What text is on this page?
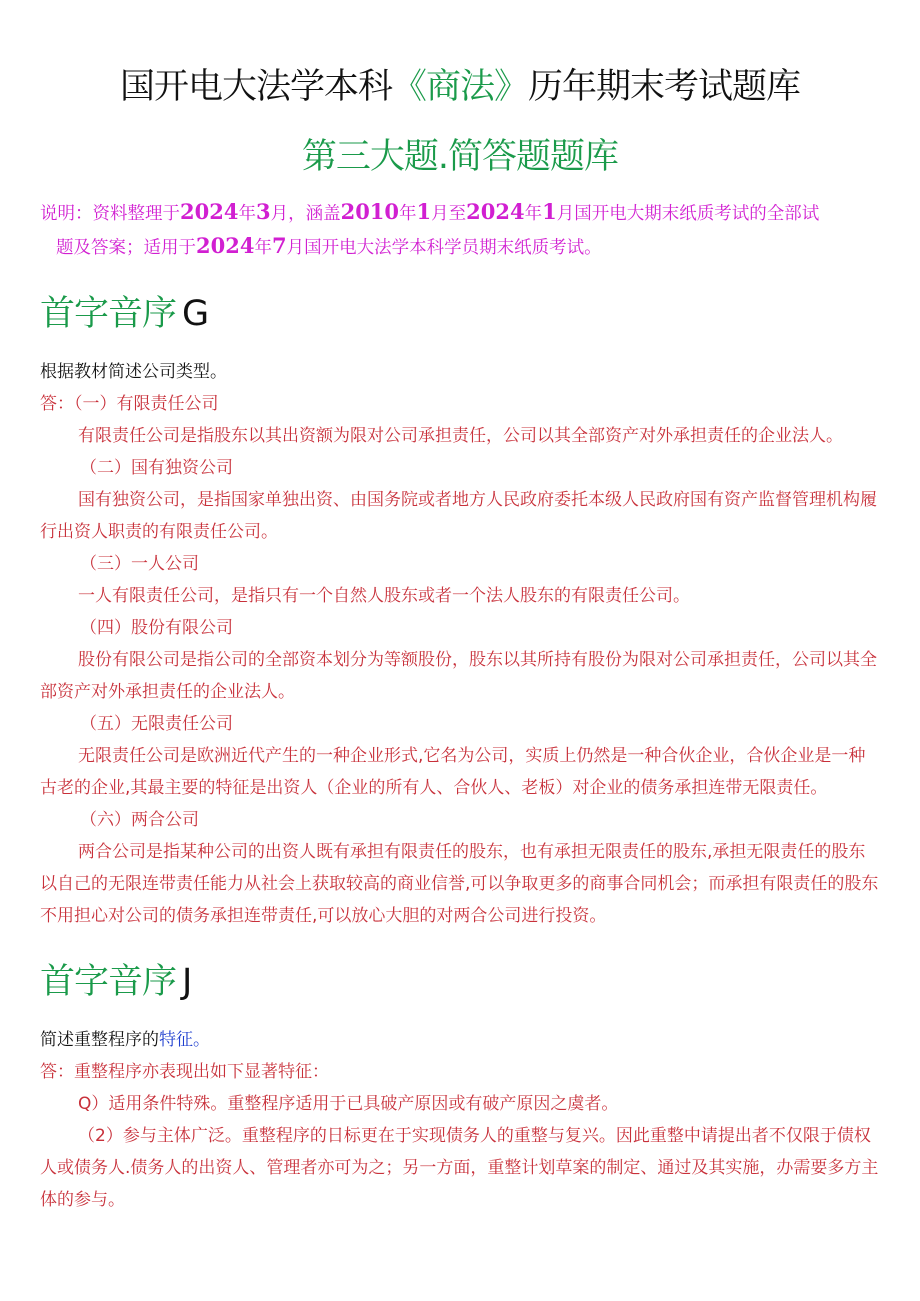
国开电大法学本科《商法》历年期末考试题库
第三大题.简答题题库

说明：资料整理于2024年3月，涵盖2010年1月至2024年1月国开电大期末纸质考试的全部试
题及答案；适用于2024年7月国开电大法学本科学员期末纸质考试。

首字音序 G

根据教材简述公司类型。

答：（一）有限责任公司

有限责任公司是指股东以其出资额为限对公司承担责任，公司以其全部资产对外承担责任的企业法人。

（二）国有独资公司

国有独资公司，是指国家单独出资、由国务院或者地方人民政府委托本级人民政府国有资产监督管理机构履行出资人职责的有限责任公司。

（三）一人公司

一人有限责任公司，是指只有一个自然人股东或者一个法人股东的有限责任公司。

（四）股份有限公司

股份有限公司是指公司的全部资本划分为等额股份，股东以其所持有股份为限对公司承担责任，公司以其全部资产对外承担责任的企业法人。

（五）无限责任公司

无限责任公司是欧洲近代产生的一种企业形式,它名为公司，实质上仍然是一种合伙企业，合伙企业是一种古老的企业,其最主要的特征是出资人（企业的所有人、合伙人、老板）对企业的债务承担连带无限责任。

（六）两合公司

两合公司是指某种公司的出资人既有承担有限责任的股东，也有承担无限责任的股东,承担无限责任的股东以自己的无限连带责任能力从社会上获取较高的商业信誉,可以争取更多的商事合同机会；而承担有限责任的股东不用担心对公司的债务承担连带责任,可以放心大胆的对两合公司进行投资。

首字音序 J

简述重整程序的特征。

答：重整程序亦表现出如下显著特征：

Q）适用条件特殊。重整程序适用于已具破产原因或有破产原因之虞者。

（2）参与主体广泛。重整程序的日标更在于实现债务人的重整与复兴。因此重整中请提出者不仅限于债权人或债务人.债务人的出资人、管理者亦可为之；另一方面，重整计划草案的制定、通过及其实施，办需要多方主体的参与。
